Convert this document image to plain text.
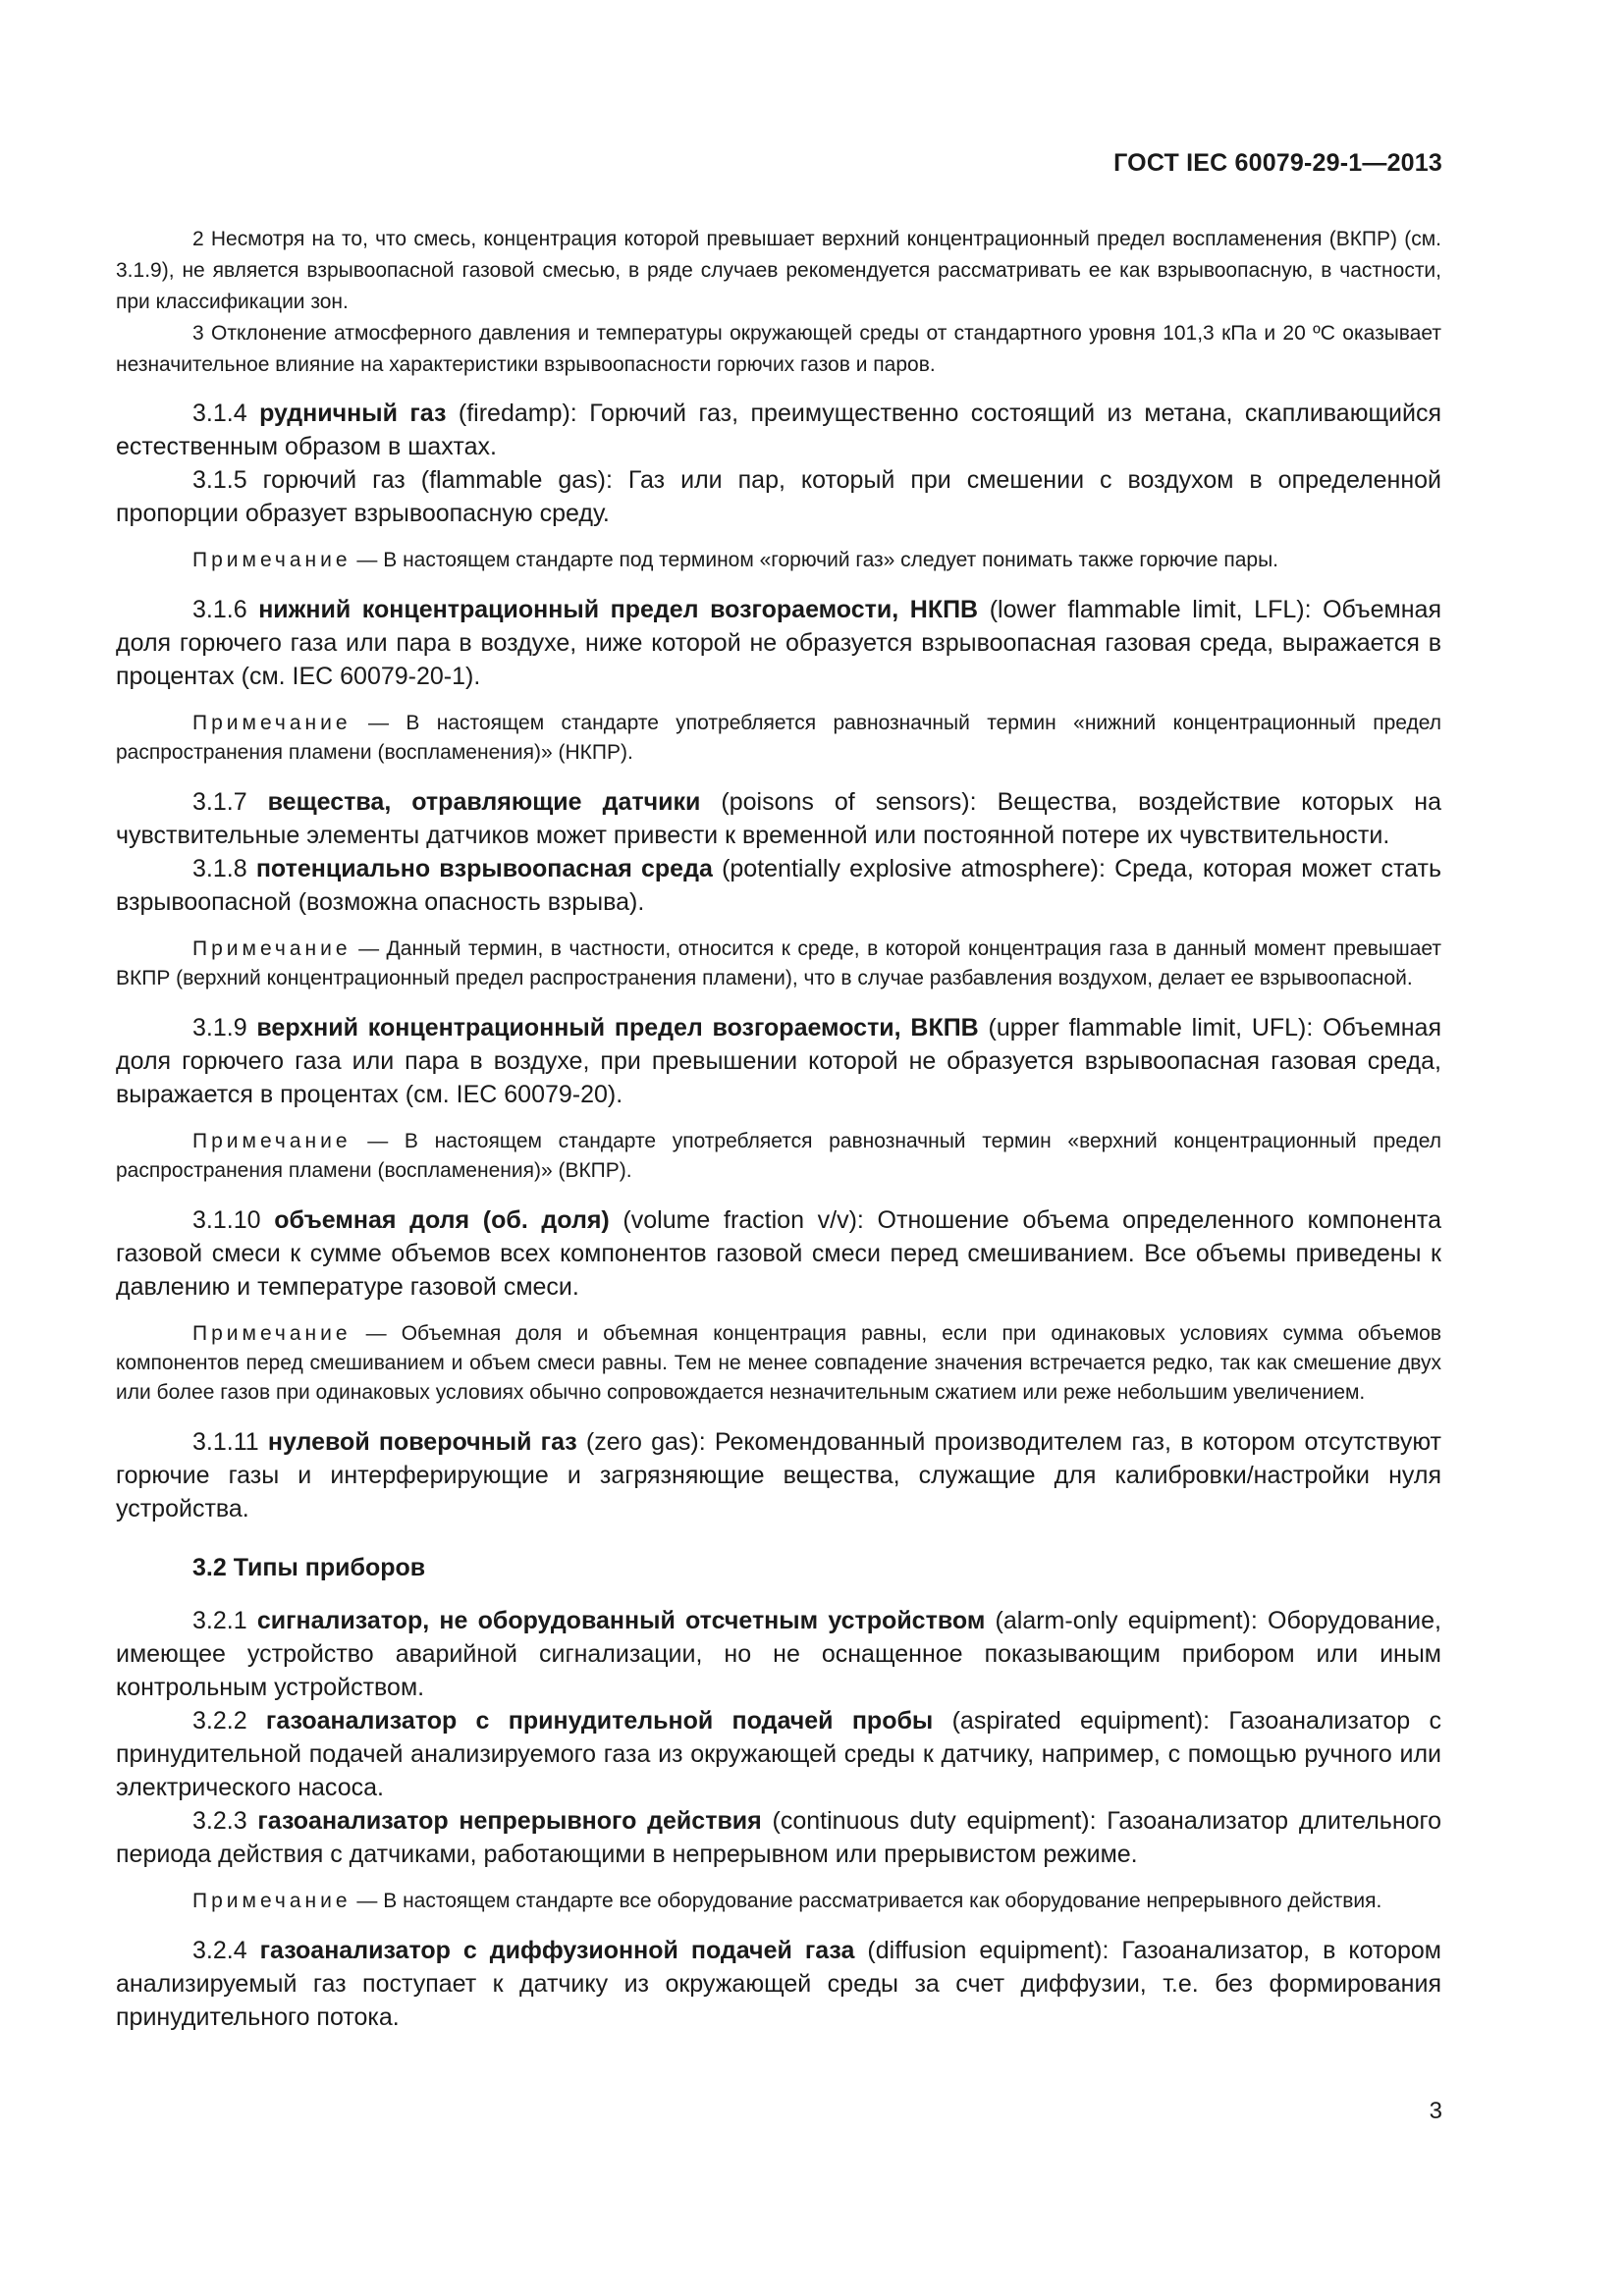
ГОСТ IEC 60079-29-1—2013

2 Несмотря на то, что смесь, концентрация которой превышает верхний концентрационный предел воспламенения (ВКПР) (см. 3.1.9), не является взрывоопасной газовой смесью, в ряде случаев рекомендуется рассматривать ее как взрывоопасную, в частности, при классификации зон.

3 Отклонение атмосферного давления и температуры окружающей среды от стандартного уровня 101,3 кПа и 20 ºС оказывает незначительное влияние на характеристики взрывоопасности горючих газов и паров.

3.1.4 рудничный газ (firedamp): Горючий газ, преимущественно состоящий из метана, скапливающийся естественным образом в шахтах.

3.1.5 горючий газ (flammable gas): Газ или пар, который при смешении с воздухом в определенной пропорции образует взрывоопасную среду.

Примечание — В настоящем стандарте под термином «горючий газ» следует понимать также горючие пары.

3.1.6 нижний концентрационный предел возгораемости, НКПВ (lower flammable limit, LFL): Объемная доля горючего газа или пара в воздухе, ниже которой не образуется взрывоопасная газовая среда, выражается в процентах (см. IEC 60079-20-1).

Примечание — В настоящем стандарте употребляется равнозначный термин «нижний концентрационный предел распространения пламени (воспламенения)» (НКПР).

3.1.7 вещества, отравляющие датчики (poisons of sensors): Вещества, воздействие которых на чувствительные элементы датчиков может привести к временной или постоянной потере их чувствительности.

3.1.8 потенциально взрывоопасная среда (potentially explosive atmosphere): Среда, которая может стать взрывоопасной (возможна опасность взрыва).

Примечание — Данный термин, в частности, относится к среде, в которой концентрация газа в данный момент превышает ВКПР (верхний концентрационный предел распространения пламени), что в случае разбавления воздухом, делает ее взрывоопасной.

3.1.9 верхний концентрационный предел возгораемости, ВКПВ (upper flammable limit, UFL): Объемная доля горючего газа или пара в воздухе, при превышении которой не образуется взрывоопасная газовая среда, выражается в процентах (см. IEC 60079-20).

Примечание — В настоящем стандарте употребляется равнозначный термин «верхний концентрационный предел распространения пламени (воспламенения)» (ВКПР).

3.1.10 объемная доля (об. доля) (volume fraction v/v): Отношение объема определенного компонента газовой смеси к сумме объемов всех компонентов газовой смеси перед смешиванием. Все объемы приведены к давлению и температуре газовой смеси.

Примечание — Объемная доля и объемная концентрация равны, если при одинаковых условиях сумма объемов компонентов перед смешиванием и объем смеси равны. Тем не менее совпадение значения встречается редко, так как смешение двух или более газов при одинаковых условиях обычно сопровождается незначительным сжатием или реже небольшим увеличением.

3.1.11 нулевой поверочный газ (zero gas): Рекомендованный производителем газ, в котором отсутствуют горючие газы и интерферирующие и загрязняющие вещества, служащие для калибровки/настройки нуля устройства.

3.2 Типы приборов

3.2.1 сигнализатор, не оборудованный отсчетным устройством (alarm-only equipment): Оборудование, имеющее устройство аварийной сигнализации, но не оснащенное показывающим прибором или иным контрольным устройством.

3.2.2 газоанализатор с принудительной подачей пробы (aspirated equipment): Газоанализатор с принудительной подачей анализируемого газа из окружающей среды к датчику, например, с помощью ручного или электрического насоса.

3.2.3 газоанализатор непрерывного действия (continuous duty equipment): Газоанализатор длительного периода действия с датчиками, работающими в непрерывном или прерывистом режиме.

Примечание — В настоящем стандарте все оборудование рассматривается как оборудование непрерывного действия.

3.2.4 газоанализатор с диффузионной подачей газа (diffusion equipment): Газоанализатор, в котором анализируемый газ поступает к датчику из окружающей среды за счет диффузии, т.е. без формирования принудительного потока.

3
